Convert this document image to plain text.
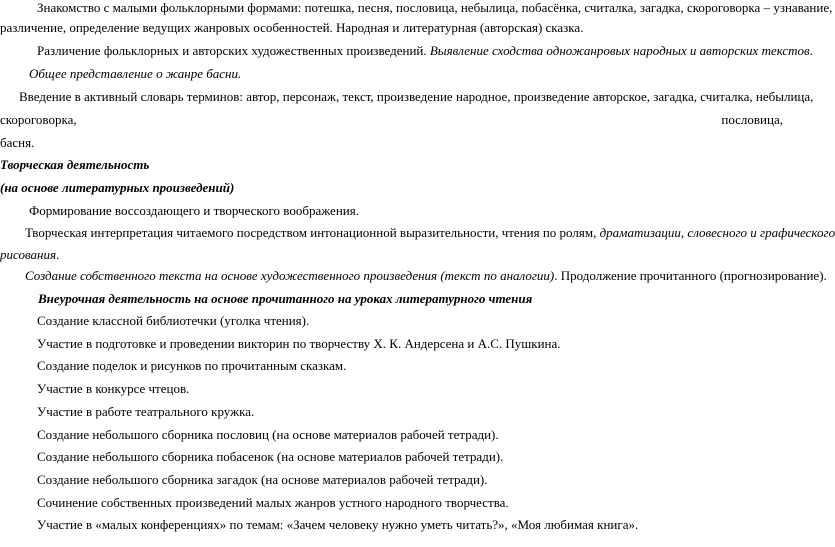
Знакомство с малыми фольклорными формами: потешка, песня, пословица, небылица, побасёнка, считалка, загадка, скороговорка – узнавание,
различение, определение ведущих жанровых особенностей. Народная и литературная (авторская) сказка.
Различение фольклорных и авторских художественных произведений. Выявление сходства одножанровых народных и авторских текстов.
Общее представление о жанре басни.
Введение в активный словарь терминов: автор, персонаж, текст, произведение народное, произведение авторское, загадка, считалка, небылица,
скороговорка,	пословица,
басня.
Творческая деятельность
(на основе литературных произведений)
Формирование воссоздающего и творческого воображения.
Творческая интерпретация читаемого посредством интонационной выразительности, чтения по ролям, драматизации, словесного и графического
рисования.
Создание собственного текста на основе художественного произведения (текст по аналогии). Продолжение прочитанного (прогнозирование).
Внеурочная деятельность на основе прочитанного на уроках литературного чтения
Создание классной библиотечки (уголка чтения).
Участие в подготовке и проведении викторин по творчеству Х. К. Андерсена и А.С. Пушкина.
Создание поделок и рисунков по прочитанным сказкам.
Участие в конкурсе чтецов.
Участие в работе театрального кружка.
Создание небольшого сборника пословиц (на основе материалов рабочей тетради).
Создание небольшого сборника побасенок (на основе материалов рабочей тетради).
Создание небольшого сборника загадок (на основе материалов рабочей тетради).
Сочинение собственных произведений малых жанров устного народного творчества.
Участие в «малых конференциях» по темам: «Зачем человеку нужно уметь читать?», «Моя любимая книга».
